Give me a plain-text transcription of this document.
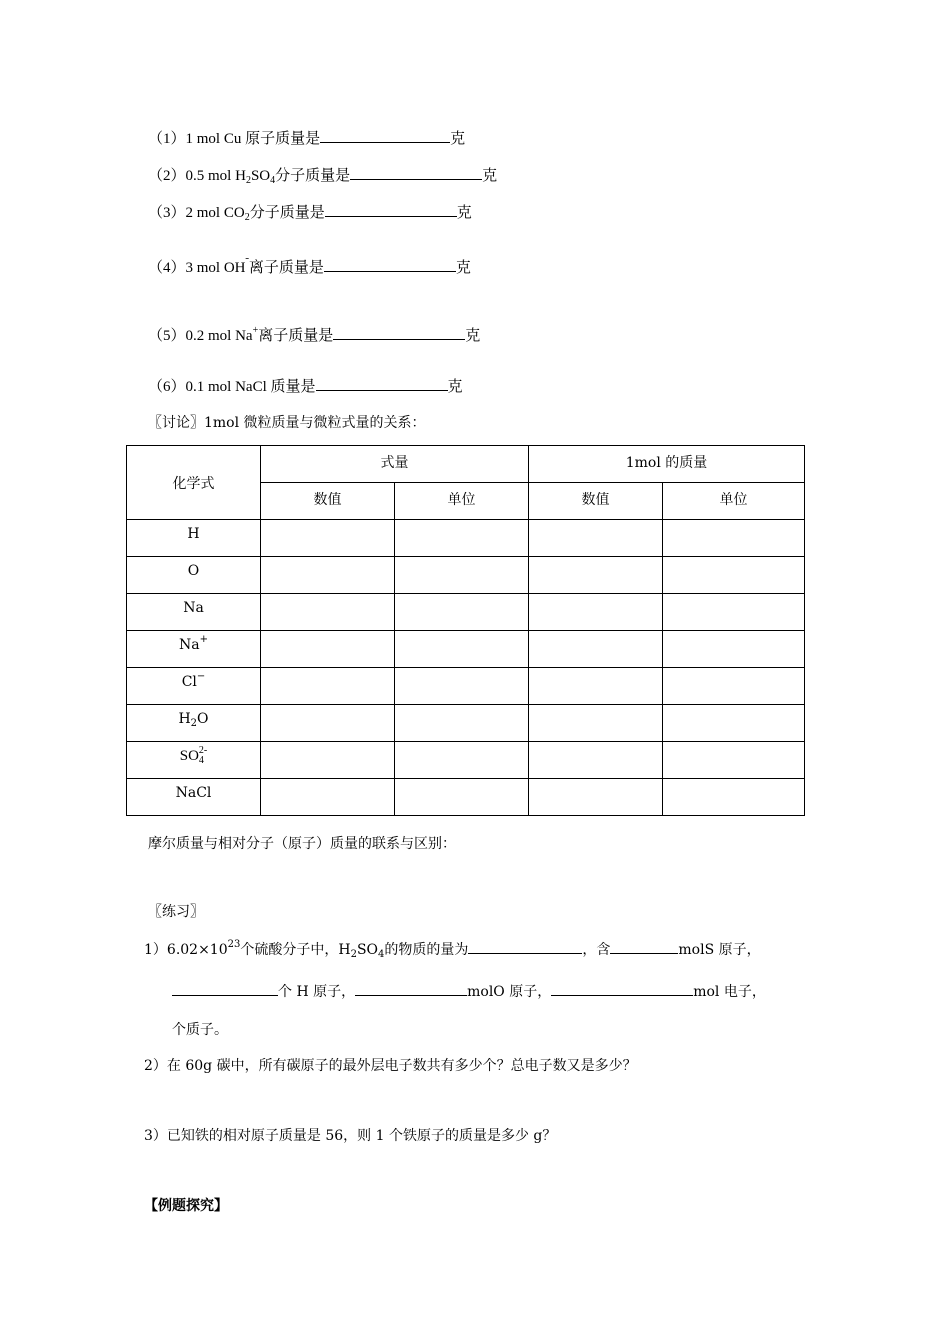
（1）1 mol Cu 原子质量是	克
（2）0.5 mol $H_2SO_4$分子质量是	克
（3）2 mol $CO_2$分子质量是	克
（4）3 mol $OH^ˉ$离子质量是	克
（5）0.2 mol Na+离子质量是	克
（6）0.1 mol NaCl 质量是	克
〖讨论〗1mol 微粒质量与微粒式量的关系：
化学式	式量		1mol 的质量	
	数值	单位	数值	单位
H				
O				
Na				
Na+				
Cl−				
$H_2O$				
$SO_4^{2-}$				
NaCl				
摩尔质量与相对分子（原子）质量的联系与区别：
〖练习〗
$1)6.02\times 10^{23}$个硫酸分子中，$H_2SO_4$的物质的量为	，含	molS 原子，
个 H 原子，	molO 原子，	mol 电子，
个质子。
2）在 60g 碳中，所有碳原子的最外层电子数共有多少个？总电子数又是多少？
3）已知铁的相对原子质量是 56，则 1 个铁原子的质量是多少 g？
【例题探究】
